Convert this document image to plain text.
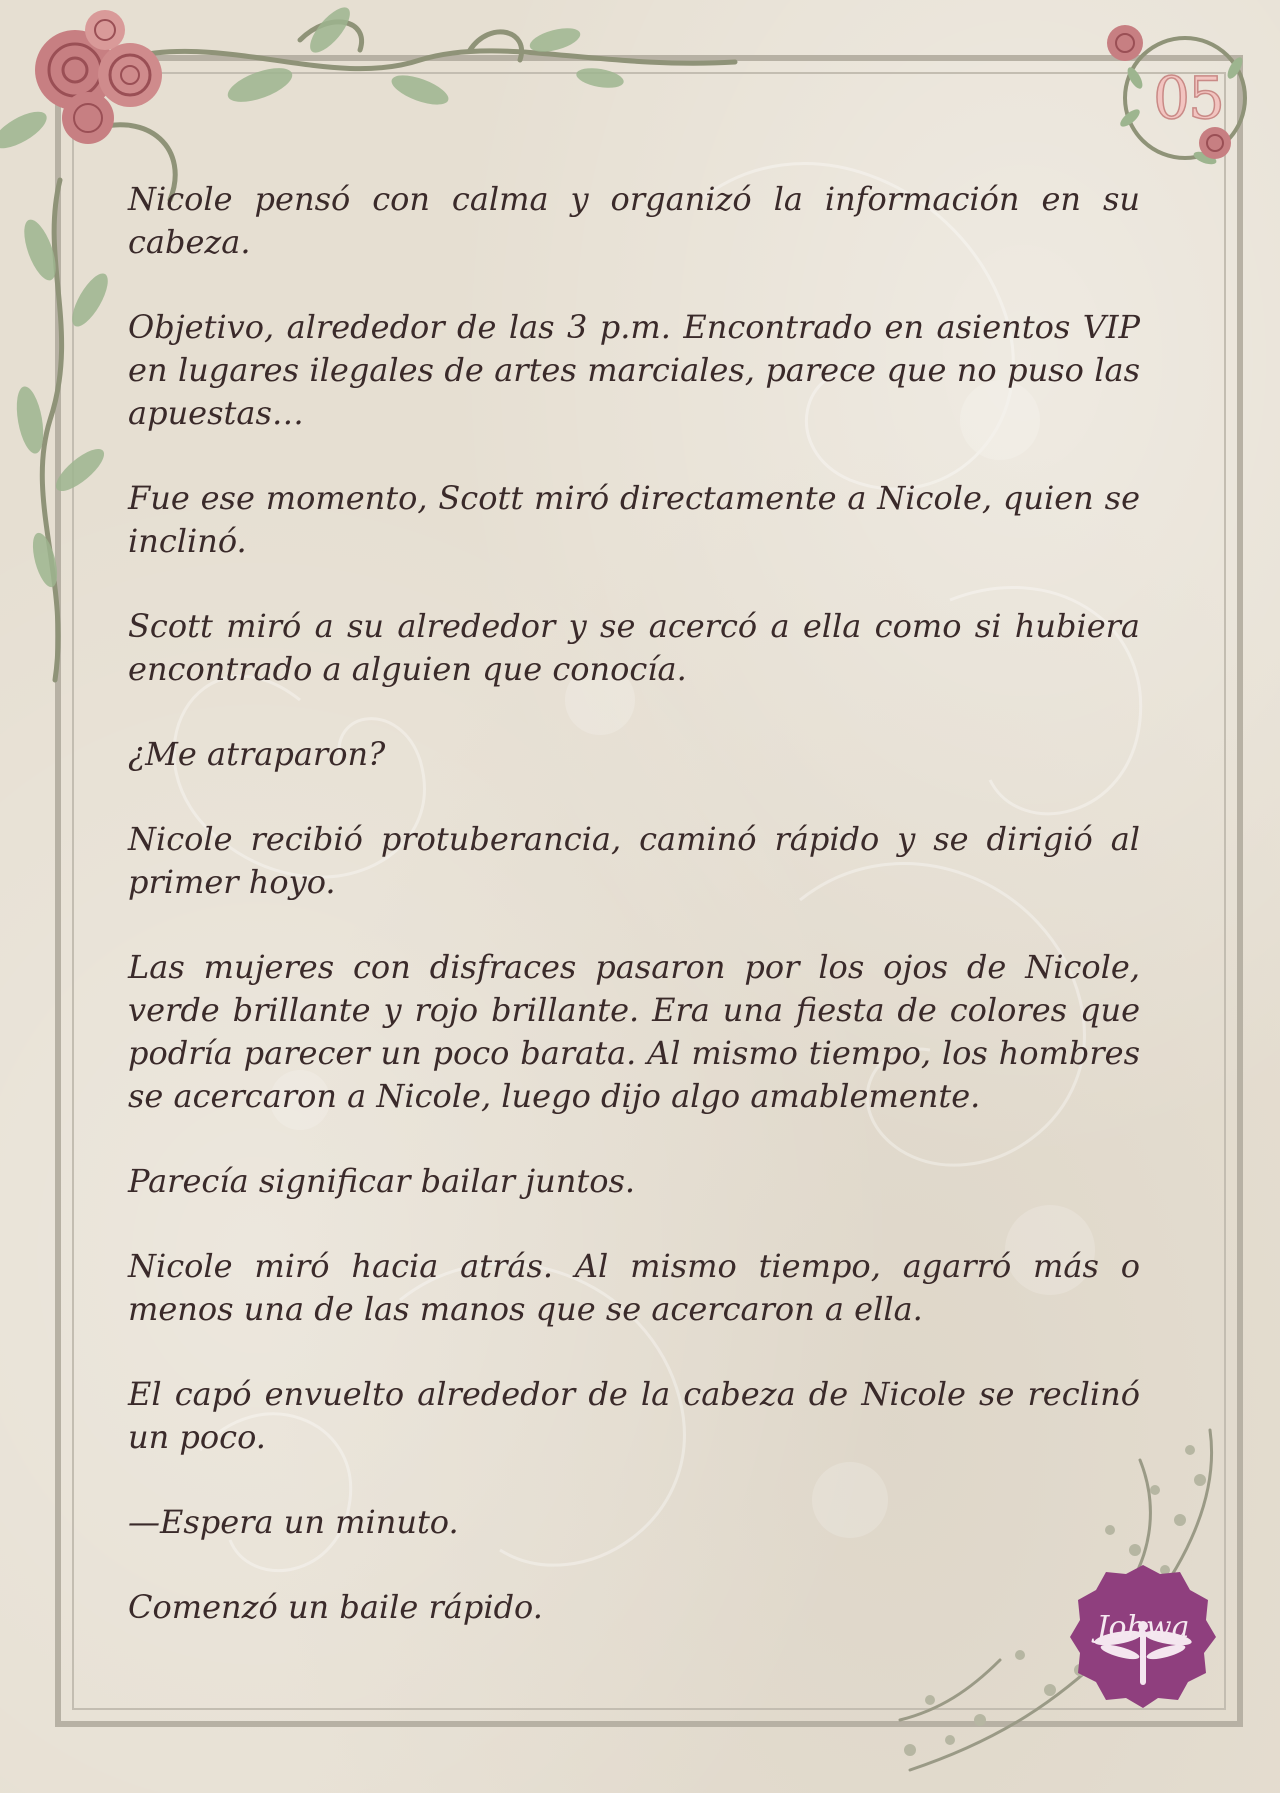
05
Johwa

Nicole pensó con calma y organizó la información en su cabeza.

Objetivo, alrededor de las 3 p.m. Encontrado en asientos VIP en lugares ilegales de artes marciales, parece que no puso las apuestas…

Fue ese momento, Scott miró directamente a Nicole, quien se inclinó.

Scott miró a su alrededor y se acercó a ella como si hubiera encontrado a alguien que conocía.

¿Me atraparon?

Nicole recibió protuberancia, caminó rápido y se dirigió al primer hoyo.

Las mujeres con disfraces pasaron por los ojos de Nicole, verde brillante y rojo brillante. Era una fiesta de colores que podría parecer un poco barata. Al mismo tiempo, los hombres se acercaron a Nicole, luego dijo algo amablemente.

Parecía significar bailar juntos.

Nicole miró hacia atrás. Al mismo tiempo, agarró más o menos una de las manos que se acercaron a ella.

El capó envuelto alrededor de la cabeza de Nicole se reclinó un poco.

—Espera un minuto.

Comenzó un baile rápido.
